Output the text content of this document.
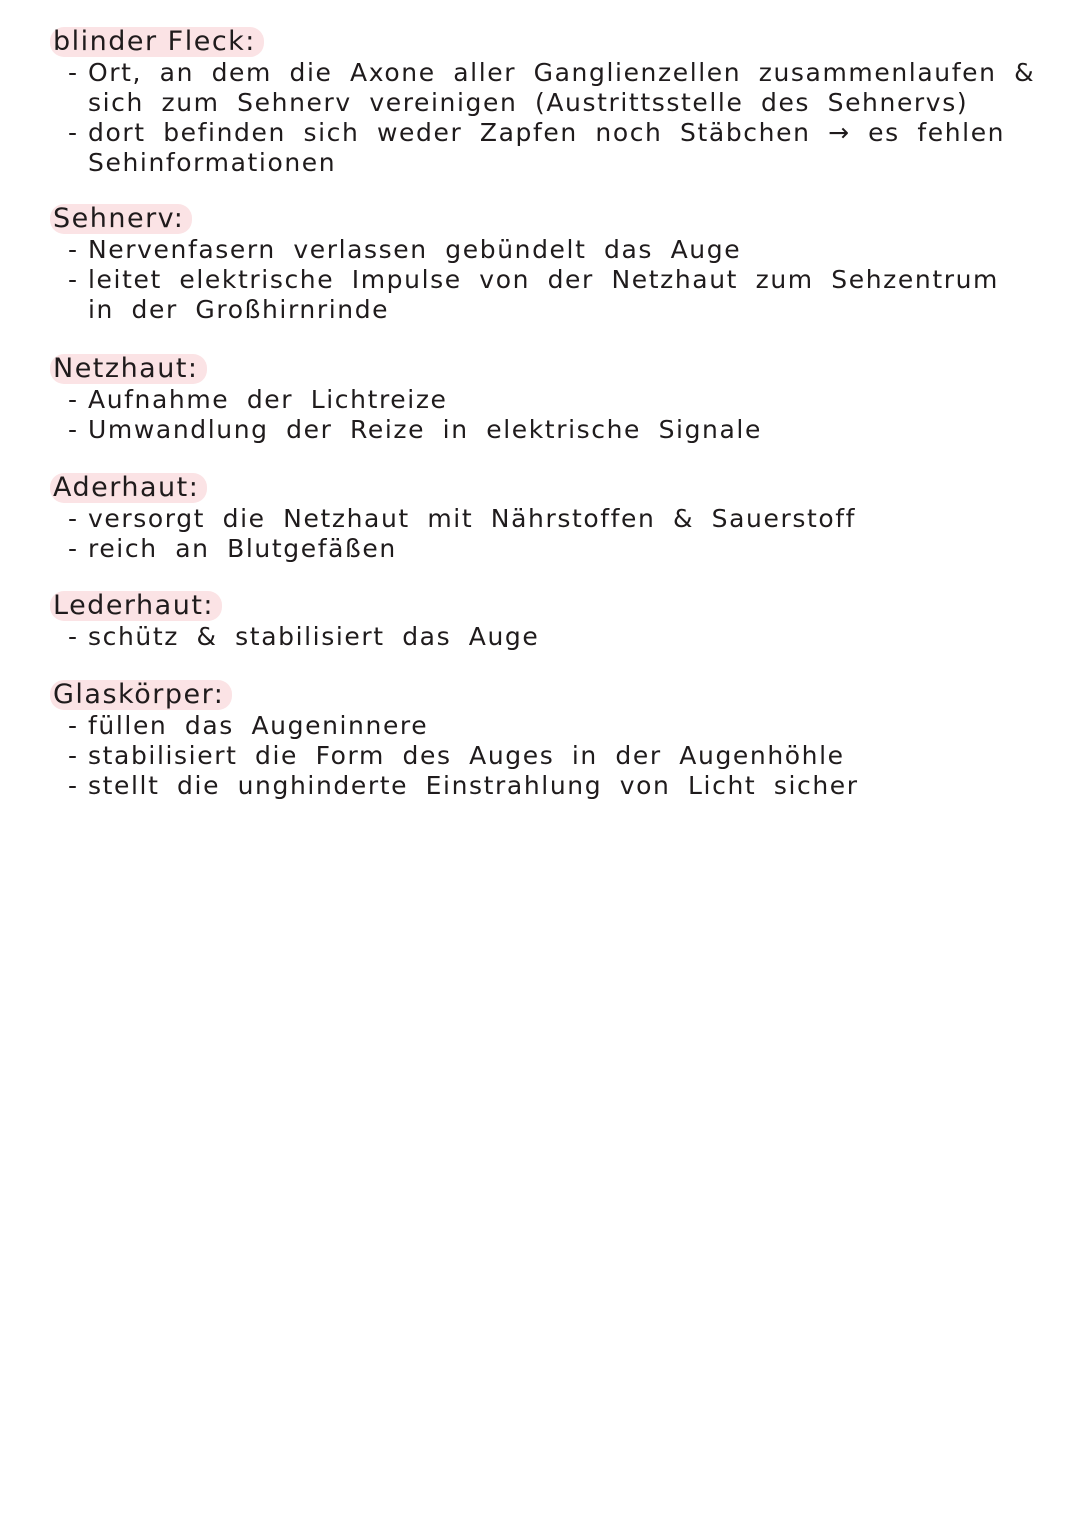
blinder Fleck:
- Ort, an dem die Axone aller Ganglienzellen zusammenlaufen &
sich zum Sehnerv vereinigen (Austrittsstelle des Sehnervs)
- dort befinden sich weder Zapfen noch Stäbchen → es fehlen
Sehinformationen
Sehnerv:
- Nervenfasern verlassen gebündelt das Auge
- leitet elektrische Impulse von der Netzhaut zum Sehzentrum
in der Großhirnrinde
Netzhaut:
- Aufnahme der Lichtreize
- Umwandlung der Reize in elektrische Signale
Aderhaut:
- versorgt die Netzhaut mit Nährstoffen & Sauerstoff
- reich an Blutgefäßen
Lederhaut:
- schütz & stabilisiert das Auge
Glaskörper:
- füllen das Augeninnere
- stabilisiert die Form des Auges in der Augenhöhle
- stellt die unghinderte Einstrahlung von Licht sicher
